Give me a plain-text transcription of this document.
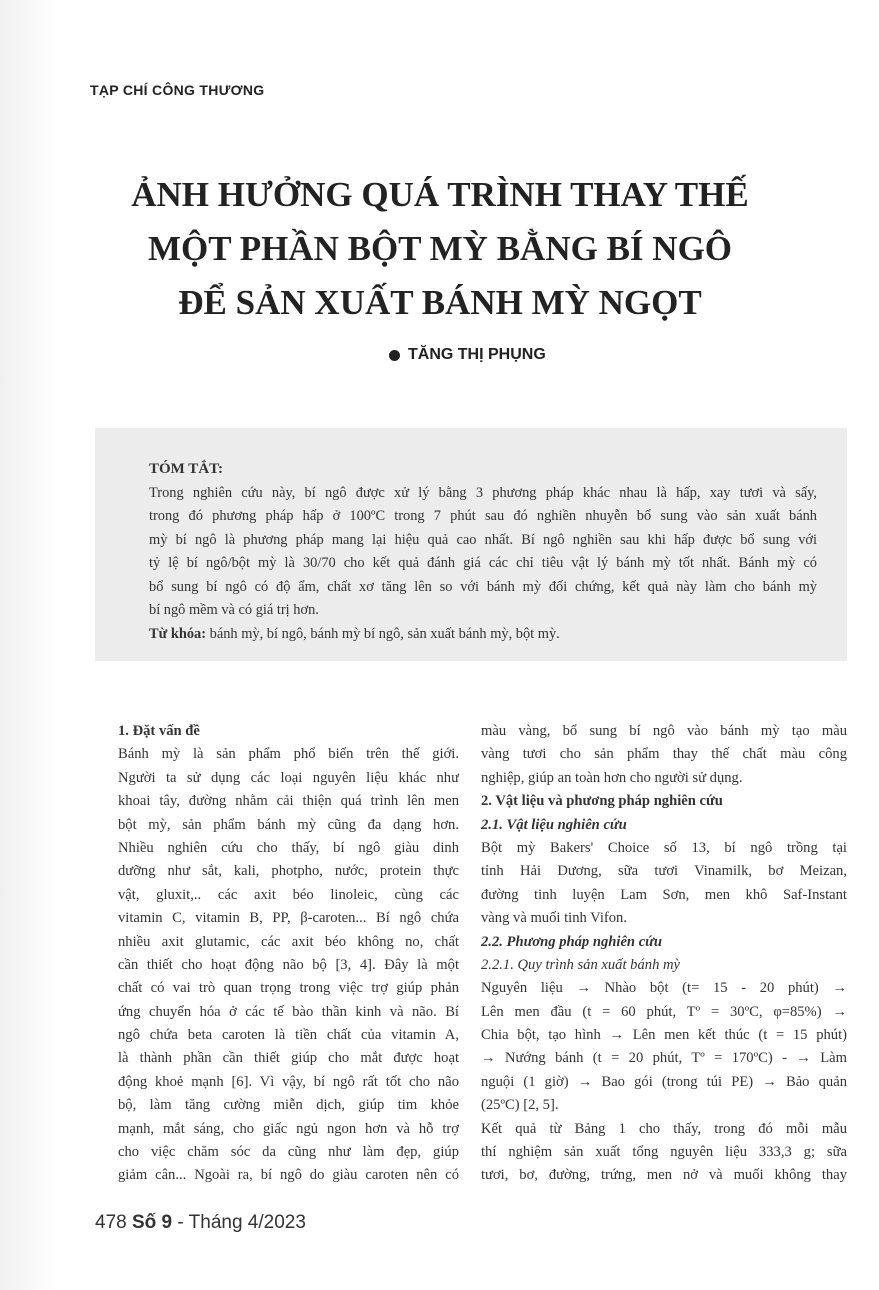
TẠP CHÍ CÔNG THƯƠNG
ẢNH HƯỞNG QUÁ TRÌNH THAY THẾ
MỘT PHẦN BỘT MỲ BẰNG BÍ NGÔ
ĐỂ SẢN XUẤT BÁNH MỲ NGỌT
TĂNG THỊ PHỤNG
TÓM TẮT:
Trong nghiên cứu này, bí ngô được xử lý bằng 3 phương pháp khác nhau là hấp, xay tươi và sấy,
trong đó phương pháp hấp ở 100ºC trong 7 phút sau đó nghiền nhuyễn bổ sung vào sản xuất bánh
mỳ bí ngô là phương pháp mang lại hiệu quả cao nhất. Bí ngô nghiền sau khi hấp được bổ sung với
tỷ lệ bí ngô/bột mỳ là 30/70 cho kết quả đánh giá các chỉ tiêu vật lý bánh mỳ tốt nhất. Bánh mỳ có
bổ sung bí ngô có độ ẩm, chất xơ tăng lên so với bánh mỳ đối chứng, kết quả này làm cho bánh mỳ
bí ngô mềm và có giá trị hơn.
Từ khóa: bánh mỳ, bí ngô, bánh mỳ bí ngô, sản xuất bánh mỳ, bột mỳ.
1. Đặt vấn đề
Bánh mỳ là sản phẩm phổ biến trên thế giới.
Người ta sử dụng các loại nguyên liệu khác như
khoai tây, đường nhằm cải thiện quá trình lên men
bột mỳ, sản phẩm bánh mỳ cũng đa dạng hơn.
Nhiều nghiên cứu cho thấy, bí ngô giàu dinh
dưỡng như sắt, kali, photpho, nước, protein thực
vật, gluxit,.. các axit béo linoleic, cùng các
vitamin C, vitamin B, PP, β-caroten... Bí ngô chứa
nhiều axit glutamic, các axit béo không no, chất
cần thiết cho hoạt động não bộ [3, 4]. Đây là một
chất có vai trò quan trọng trong việc trợ giúp phản
ứng chuyển hóa ở các tế bào thần kinh và não. Bí
ngô chứa beta caroten là tiền chất của vitamin A,
là thành phần cần thiết giúp cho mắt được hoạt
động khoẻ mạnh [6]. Vì vậy, bí ngô rất tốt cho não
bộ, làm tăng cường miễn dịch, giúp tim khỏe
mạnh, mắt sáng, cho giấc ngủ ngon hơn và hỗ trợ
cho việc chăm sóc da cũng như làm đẹp, giúp
giảm cân... Ngoài ra, bí ngô do giàu caroten nên có
màu vàng, bổ sung bí ngô vào bánh mỳ tạo màu
vàng tươi cho sản phẩm thay thế chất màu công
nghiệp, giúp an toàn hơn cho người sử dụng.
2. Vật liệu và phương pháp nghiên cứu
2.1. Vật liệu nghiên cứu
Bột mỳ Bakers' Choice số 13, bí ngô trồng tại
tỉnh Hải Dương, sữa tươi Vinamilk, bơ Meizan,
đường tinh luyện Lam Sơn, men khô Saf-Instant
vàng và muối tinh Vifon.
2.2. Phương pháp nghiên cứu
2.2.1. Quy trình sản xuất bánh mỳ
Nguyên liệu → Nhào bột (t= 15 - 20 phút) →
Lên men đầu (t = 60 phút, Tº = 30ºC, φ=85%) →
Chia bột, tạo hình → Lên men kết thúc (t = 15 phút)
→ Nướng bánh (t = 20 phút, Tº = 170ºC) - → Làm
nguội (1 giờ) → Bao gói (trong túi PE) → Bảo quản
(25ºC) [2, 5].
Kết quả từ Bảng 1 cho thấy, trong đó mỗi mẫu
thí nghiệm sản xuất tổng nguyên liệu 333,3 g; sữa
tươi, bơ, đường, trứng, men nở và muối không thay
478 Số 9 - Tháng 4/2023
